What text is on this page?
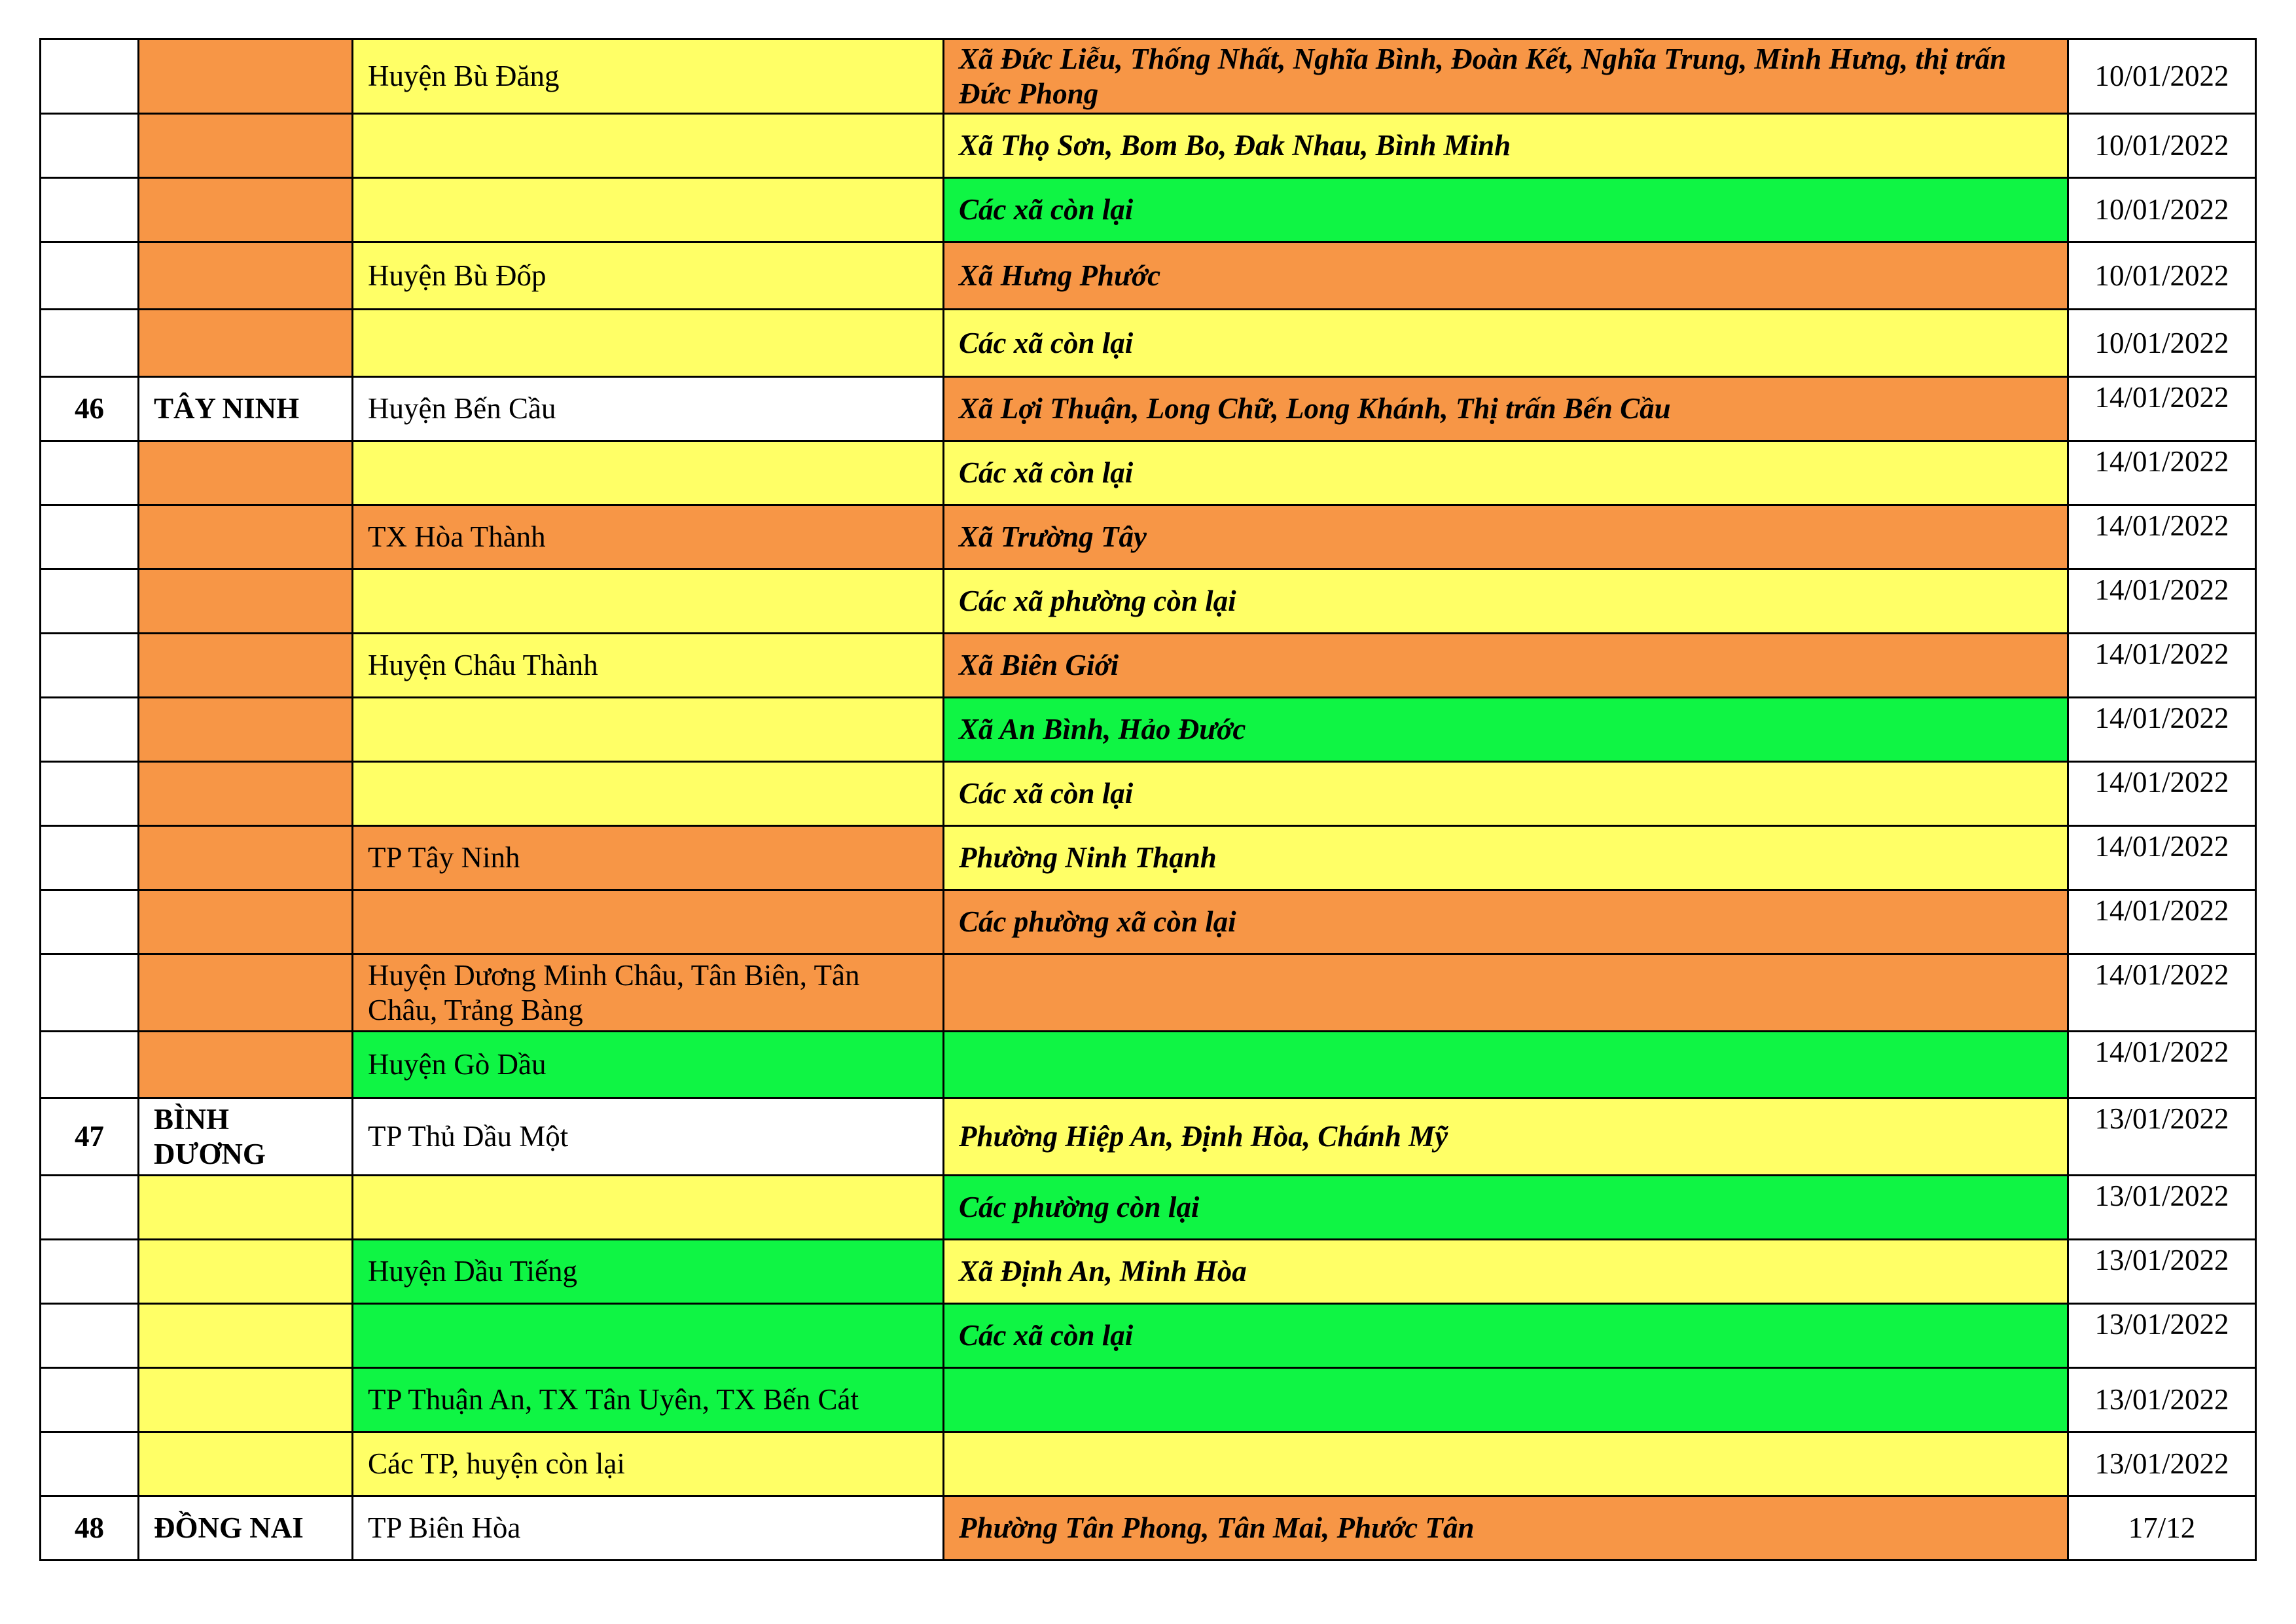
		Huyện Bù Đăng	Xã Đức Liễu, Thống Nhất, Nghĩa Bình, Đoàn Kết, Nghĩa Trung, Minh Hưng, thị trấn Đức Phong	10/01/2022
			Xã Thọ Sơn, Bom Bo, Đak Nhau, Bình Minh	10/01/2022
			Các xã còn lại	10/01/2022
		Huyện Bù Đốp	Xã Hưng Phước	10/01/2022
			Các xã còn lại	10/01/2022
46	TÂY NINH	Huyện Bến Cầu	Xã Lợi Thuận, Long Chữ, Long Khánh, Thị trấn Bến Cầu	14/01/2022
			Các xã còn lại	14/01/2022
		TX Hòa Thành	Xã Trường Tây	14/01/2022
			Các xã phường còn lại	14/01/2022
		Huyện Châu Thành	Xã Biên Giới	14/01/2022
			Xã An Bình, Hảo Đước	14/01/2022
			Các xã còn lại	14/01/2022
		TP Tây Ninh	Phường Ninh Thạnh	14/01/2022
			Các phường xã còn lại	14/01/2022
		Huyện Dương Minh Châu, Tân Biên, Tân Châu, Trảng Bàng		14/01/2022
		Huyện Gò Dầu		14/01/2022
47	BÌNH DƯƠNG	TP Thủ Dầu Một	Phường Hiệp An, Định Hòa, Chánh Mỹ	13/01/2022
			Các phường còn lại	13/01/2022
		Huyện Dầu Tiếng	Xã Định An, Minh Hòa	13/01/2022
			Các xã còn lại	13/01/2022
		TP Thuận An, TX Tân Uyên, TX Bến Cát		13/01/2022
		Các TP, huyện còn lại		13/01/2022
48	ĐỒNG NAI	TP Biên Hòa	Phường Tân Phong, Tân Mai, Phước Tân	17/12
